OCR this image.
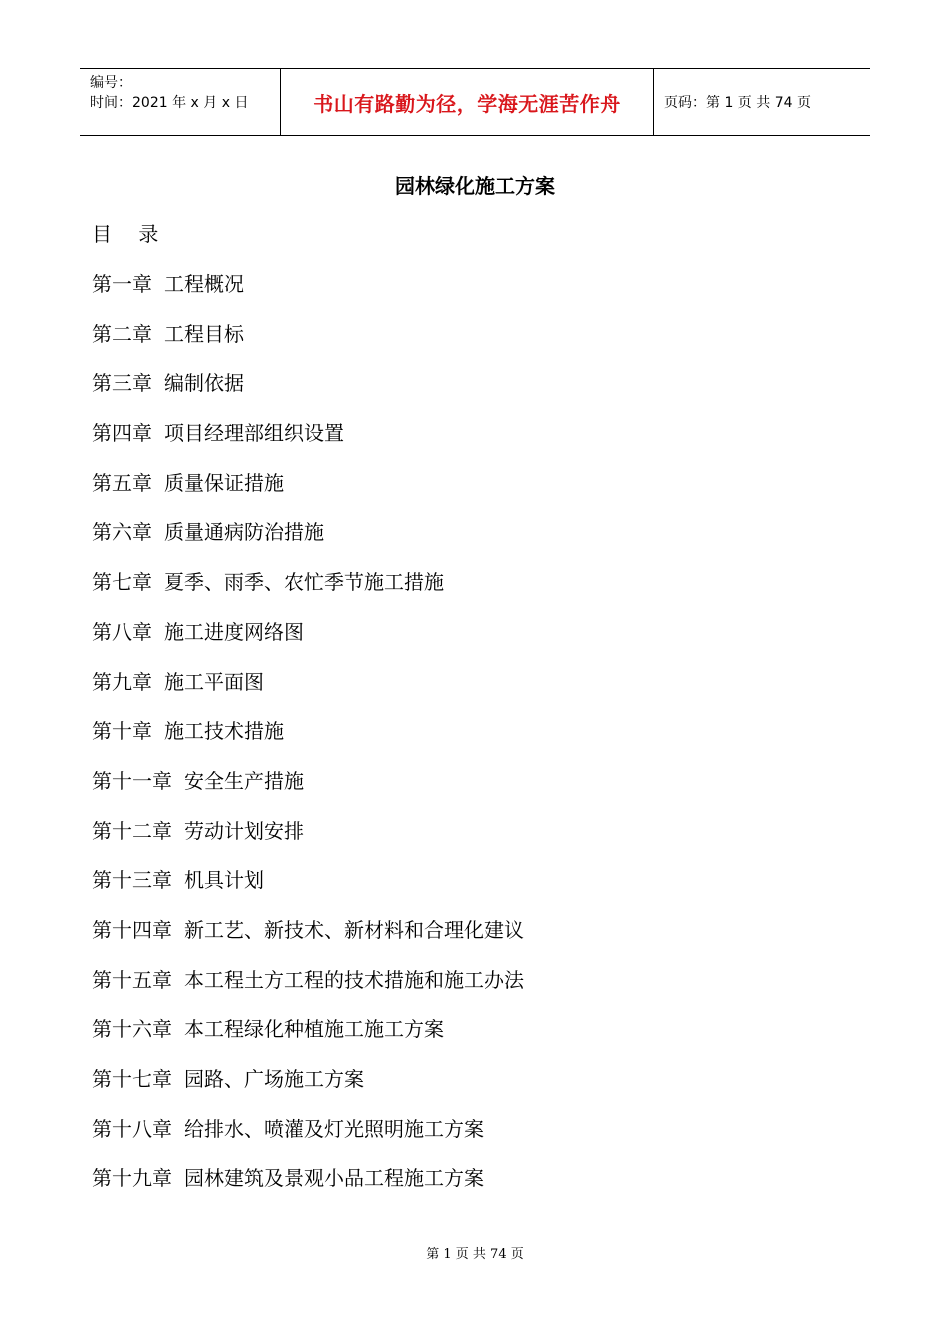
编号：
时间：2021 年 x 月 x 日	书山有路勤为径，学海无涯苦作舟	页码：第 1 页 共 74 页
园林绿化施工方案
目 录
第一章 工程概况
第二章 工程目标
第三章 编制依据
第四章 项目经理部组织设置
第五章 质量保证措施
第六章 质量通病防治措施
第七章 夏季、雨季、农忙季节施工措施
第八章 施工进度网络图
第九章 施工平面图
第十章 施工技术措施
第十一章 安全生产措施
第十二章 劳动计划安排
第十三章 机具计划
第十四章 新工艺、新技术、新材料和合理化建议
第十五章 本工程土方工程的技术措施和施工办法
第十六章 本工程绿化种植施工施工方案
第十七章 园路、广场施工方案
第十八章 给排水、喷灌及灯光照明施工方案
第十九章 园林建筑及景观小品工程施工方案
第 1 页 共 74 页
